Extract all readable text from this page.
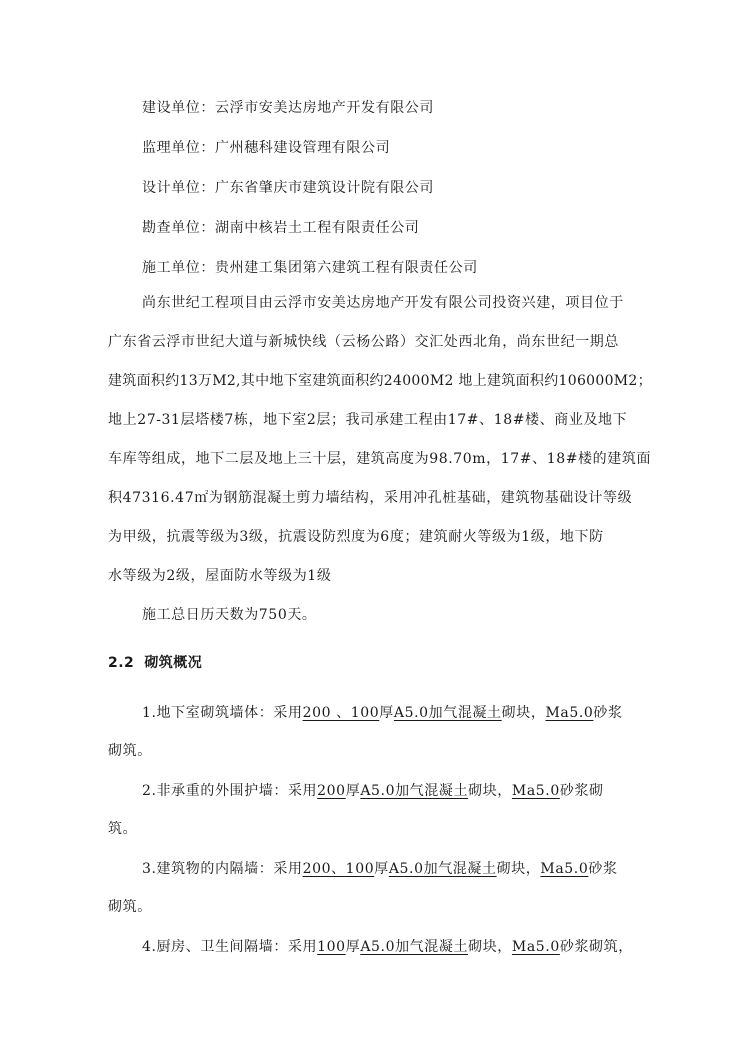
建设单位：云浮市安美达房地产开发有限公司
监理单位：广州穗科建设管理有限公司
设计单位：广东省肇庆市建筑设计院有限公司
勘查单位：湖南中核岩土工程有限责任公司
施工单位：贵州建工集团第六建筑工程有限责任公司
尚东世纪工程项目由云浮市安美达房地产开发有限公司投资兴建，项目位于
广东省云浮市世纪大道与新城快线（云杨公路）交汇处西北角，尚东世纪一期总
建筑面积约13万M2,其中地下室建筑面积约24000M2 地上建筑面积约106000M2；
地上27-31层塔楼7栋，地下室2层；我司承建工程由17#、18#楼、商业及地下
车库等组成，地下二层及地上三十层，建筑高度为98.70m，17#、18#楼的建筑面
积47316.47㎡为钢筋混凝土剪力墙结构，采用冲孔桩基础，建筑物基础设计等级
为甲级，抗震等级为3级，抗震设防烈度为6度；建筑耐火等级为1级，地下防
水等级为2级，屋面防水等级为1级
施工总日历天数为750天。
2.2 砌筑概况
1.地下室砌筑墙体：采用200 、100厚A5.0加气混凝土砌块，Ma5.0砂浆
砌筑。
2.非承重的外围护墙：采用200厚A5.0加气混凝土砌块，Ma5.0砂浆砌
筑。
3.建筑物的内隔墙：采用200、100厚A5.0加气混凝土砌块，Ma5.0砂浆
砌筑。
4.厨房、卫生间隔墙：采用100厚A5.0加气混凝土砌块，Ma5.0砂浆砌筑，
